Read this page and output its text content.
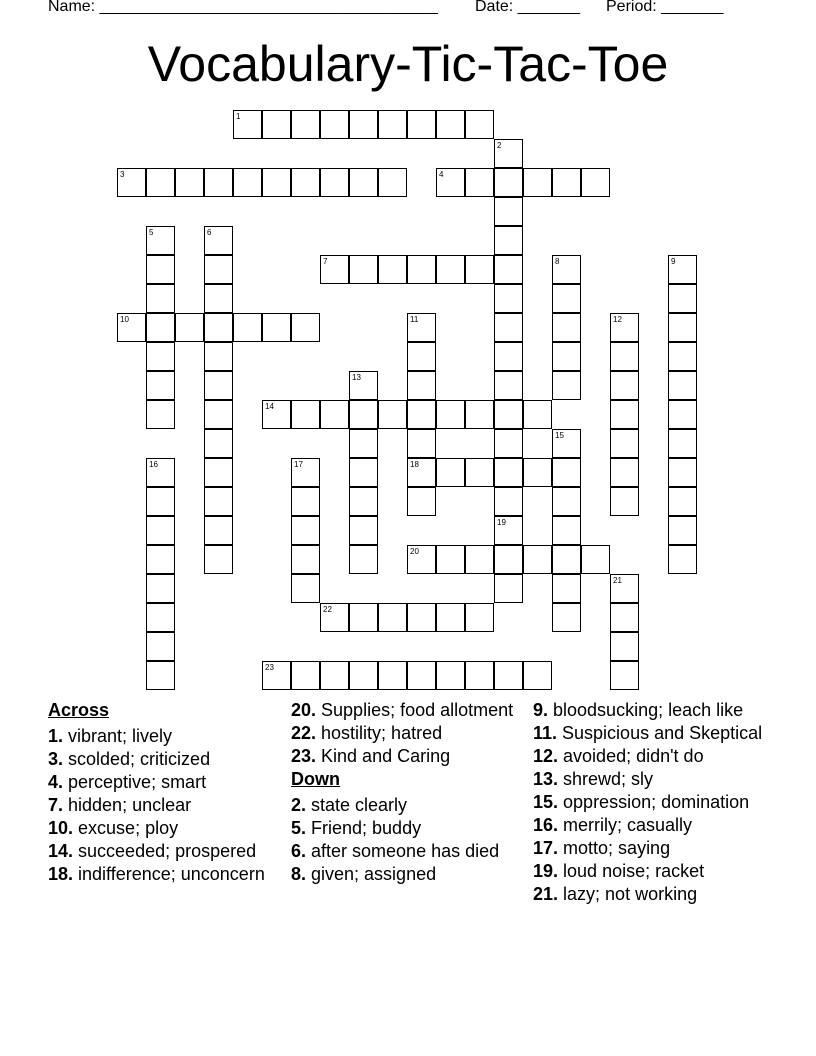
Name: ______________________________________ Date: _______ Period: _______
Vocabulary-Tic-Tac-Toe
1
3	4
7
10
14
18
20
22
23
2
19
5	6
8	9
11	12
13
15
16	17
21
Across
1. vibrant; lively
3. scolded; criticized
4. perceptive; smart
7. hidden; unclear
10. excuse; ploy
14. succeeded; prospered
18. indifference; unconcern
20. Supplies; food allotment
22. hostility; hatred
23. Kind and Caring
Down
2. state clearly
5. Friend; buddy
6. after someone has died
8. given; assigned
9. bloodsucking; leach like
11. Suspicious and Skeptical
12. avoided; didn't do
13. shrewd; sly
15. oppression; domination
16. merrily; casually
17. motto; saying
19. loud noise; racket
21. lazy; not working
